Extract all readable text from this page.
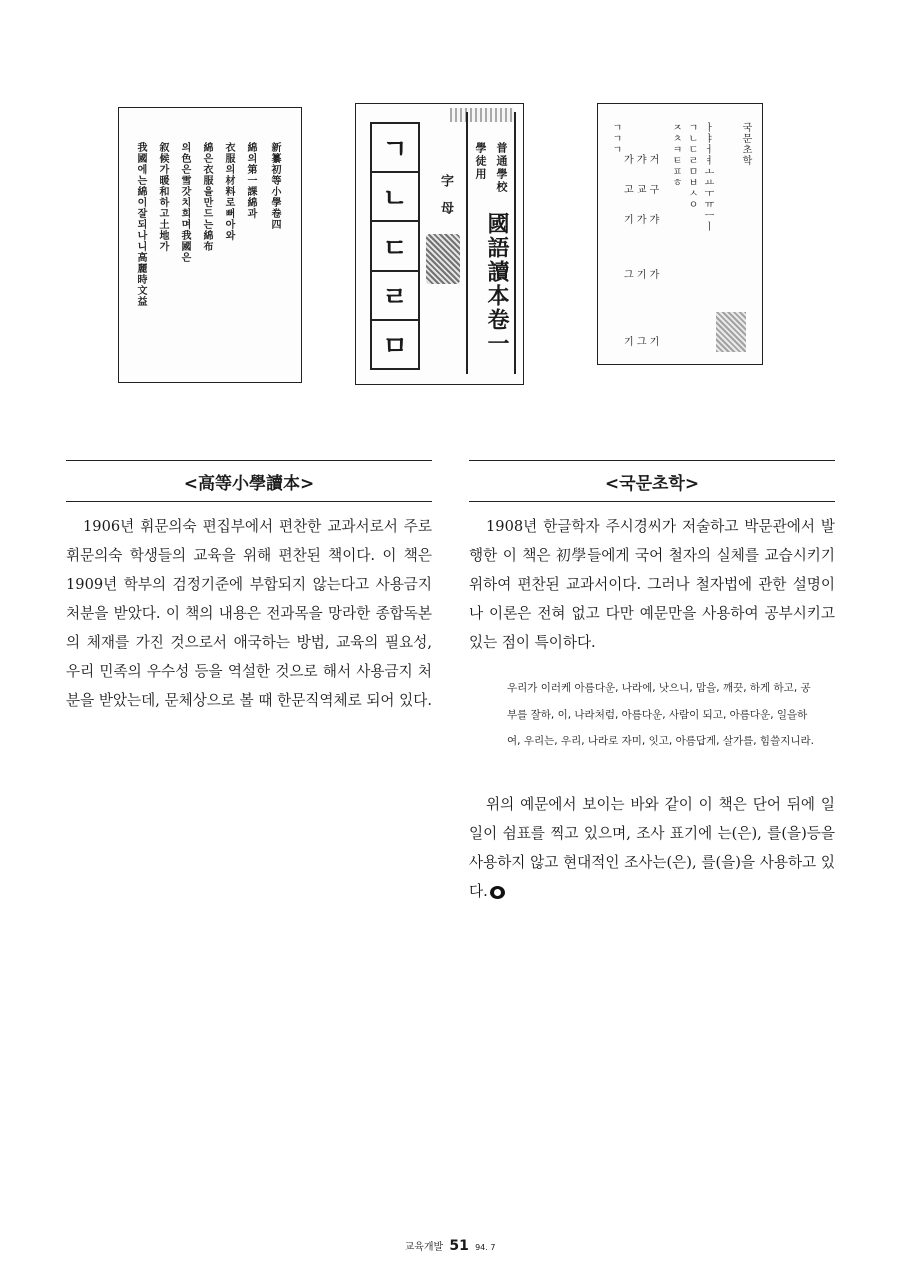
新纂初等小學卷四
綿의第一課綿과
衣服의材料로뻐아와
綿은衣服을만드는綿布
의色은雪갓치희며我國은
叙候가暖和하고土地가
我國에는綿이잘되나니高麗時文益	ㄱ
ㄴ
ㄷ
ㄹ
ㅁ
字母
普通學校
學徒用
國語讀本卷一
국문초학
ㅏㅑㅓㅕㅗㅛㅜㅠㅡㅣ
ㄱㄴㄷㄹㅁㅂㅅㅇ
ㅈㅊㅋㅌㅍㅎ
ㄱㄱㄱ
가 갸 거
고 교 구
기 가 갸
그 기 가
기 그 기
<高等小學讀本>

1906년 휘문의숙 편집부에서 편찬한 교과서로서 주로 휘문의숙 학생들의 교육을 위해 편찬된 책이다. 이 책은 1909년 학부의 검정기준에 부합되지 않는다고 사용금지 처분을 받았다. 이 책의 내용은 전과목을 망라한 종합독본의 체재를 가진 것으로서 애국하는 방법, 교육의 필요성, 우리 민족의 우수성 등을 역설한 것으로 해서 사용금지 처분을 받았는데, 문체상으로 볼 때 한문직역체로 되어 있다.

<국문초학>

1908년 한글학자 주시경씨가 저술하고 박문관에서 발행한 이 책은 初學들에게 국어 철자의 실체를 교습시키기 위하여 편찬된 교과서이다. 그러나 철자법에 관한 설명이나 이론은 전혀 없고 다만 예문만을 사용하여 공부시키고 있는 점이 특이하다.

우리가 이러케 아름다운, 나라에, 낫으니, 맘을, 깨끗, 하게 하고, 공부를 잘하, 이, 나라처럼, 아름다운, 사람이 되고, 아름다운, 일을하여, 우리는, 우리, 나라로 자미, 잇고, 아름답게, 살가를, 힘쓸지니라.

위의 예문에서 보이는 바와 같이 이 책은 단어 뒤에 일일이 쉼표를 찍고 있으며, 조사 표기에 는(은), 를(을)등을 사용하지 않고 현대적인 조사는(은), 를(을)을 사용하고 있다.
교육개발 51 94. 7
